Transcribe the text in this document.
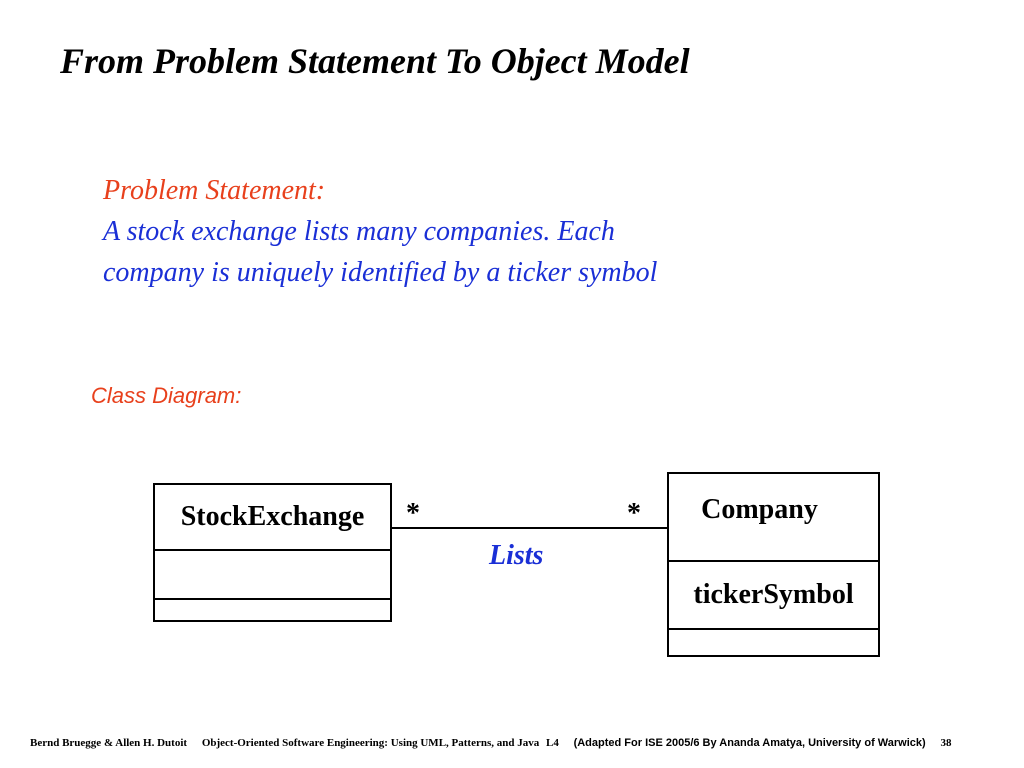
From Problem Statement To Object Model
Problem Statement:
A stock exchange lists many companies. Each
company is uniquely identified by a ticker symbol
Class Diagram:
StockExchange	*	*
Lists
Company
tickerSymbol
Bernd Bruegge & Allen H. Dutoit Object-Oriented Software Engineering: Using UML, Patterns, and Java L4 (Adapted For ISE 2005/6 By Ananda Amatya, University of Warwick) 38
